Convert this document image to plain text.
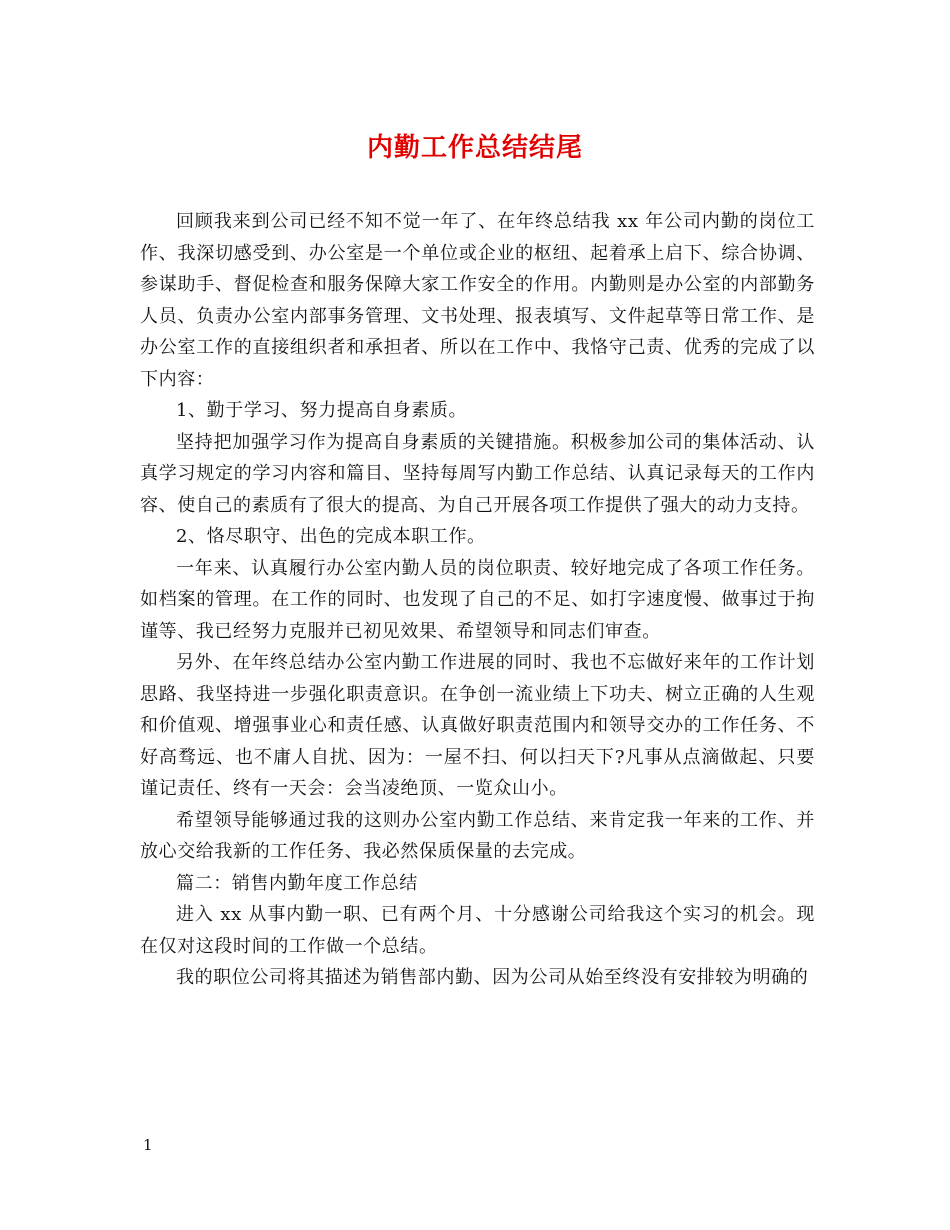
内勤工作总结结尾

回顾我来到公司已经不知不觉一年了、在年终总结我 xx 年公司内勤的岗位工作、我深切感受到、办公室是一个单位或企业的枢纽、起着承上启下、综合协调、参谋助手、督促检查和服务保障大家工作安全的作用。内勤则是办公室的内部勤务人员、负责办公室内部事务管理、文书处理、报表填写、文件起草等日常工作、是办公室工作的直接组织者和承担者、所以在工作中、我恪守己责、优秀的完成了以下内容：

1、勤于学习、努力提高自身素质。

坚持把加强学习作为提高自身素质的关键措施。积极参加公司的集体活动、认真学习规定的学习内容和篇目、坚持每周写内勤工作总结、认真记录每天的工作内容、使自己的素质有了很大的提高、为自己开展各项工作提供了强大的动力支持。

2、恪尽职守、出色的完成本职工作。

一年来、认真履行办公室内勤人员的岗位职责、较好地完成了各项工作任务。如档案的管理。在工作的同时、也发现了自己的不足、如打字速度慢、做事过于拘谨等、我已经努力克服并已初见效果、希望领导和同志们审查。

另外、在年终总结办公室内勤工作进展的同时、我也不忘做好来年的工作计划思路、我坚持进一步强化职责意识。在争创一流业绩上下功夫、树立正确的人生观和价值观、增强事业心和责任感、认真做好职责范围内和领导交办的工作任务、不好高骛远、也不庸人自扰、因为：一屋不扫、何以扫天下?凡事从点滴做起、只要谨记责任、终有一天会：会当凌绝顶、一览众山小。

希望领导能够通过我的这则办公室内勤工作总结、来肯定我一年来的工作、并放心交给我新的工作任务、我必然保质保量的去完成。

篇二：销售内勤年度工作总结

进入 xx 从事内勤一职、已有两个月、十分感谢公司给我这个实习的机会。现在仅对这段时间的工作做一个总结。

我的职位公司将其描述为销售部内勤、因为公司从始至终没有安排较为明确的

1
